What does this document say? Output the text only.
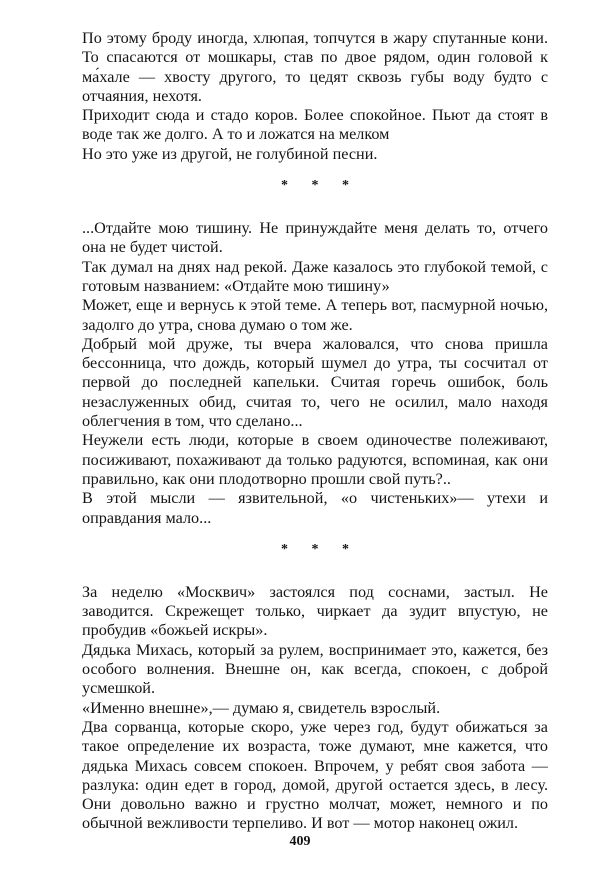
По этому броду иногда, хлюпая, топчутся в жару спутанные кони. То спасаются от мошкары, став по двое рядом, один головой к ма́хале — хвосту другого, то цедят сквозь губы воду будто с отчаяния, нехотя.

Приходит сюда и стадо коров. Более спокойное. Пьют да стоят в воде так же долго. А то и ложатся на мелком

Но это уже из другой, не голубиной песни.

* * *

...Отдайте мою тишину. Не принуждайте меня делать то, отчего она не будет чистой.

Так думал на днях над рекой. Даже казалось это глубокой темой, с готовым названием: «Отдайте мою тишину»

Может, еще и вернусь к этой теме. А теперь вот, пасмурной ночью, задолго до утра, снова думаю о том же.

Добрый мой друже, ты вчера жаловался, что снова пришла бессонница, что дождь, который шумел до утра, ты сосчитал от первой до последней капельки. Считая горечь ошибок, боль незаслуженных обид, считая то, чего не осилил, мало находя облегчения в том, что сделано...

Неужели есть люди, которые в своем одиночестве полеживают, посиживают, похаживают да только радуются, вспоминая, как они правильно, как они плодотворно прошли свой путь?..

В этой мысли — язвительной, «о чистеньких»— утехи и оправдания мало...

* * *

За неделю «Москвич» застоялся под соснами, застыл. Не заводится. Скрежещет только, чиркает да зудит впустую, не пробудив «божьей искры».

Дядька Михась, который за рулем, воспринимает это, кажется, без особого волнения. Внешне он, как всегда, спокоен, с доброй усмешкой.

«Именно внешне»,— думаю я, свидетель взрослый.

Два сорванца, которые скоро, уже через год, будут обижаться за такое определение их возраста, тоже думают, мне кажется, что дядька Михась совсем спокоен. Впрочем, у ребят своя забота — разлука: один едет в город, домой, другой остается здесь, в лесу. Они довольно важно и грустно молчат, может, немного и по обычной вежливости терпеливо. И вот — мотор наконец ожил.

409
